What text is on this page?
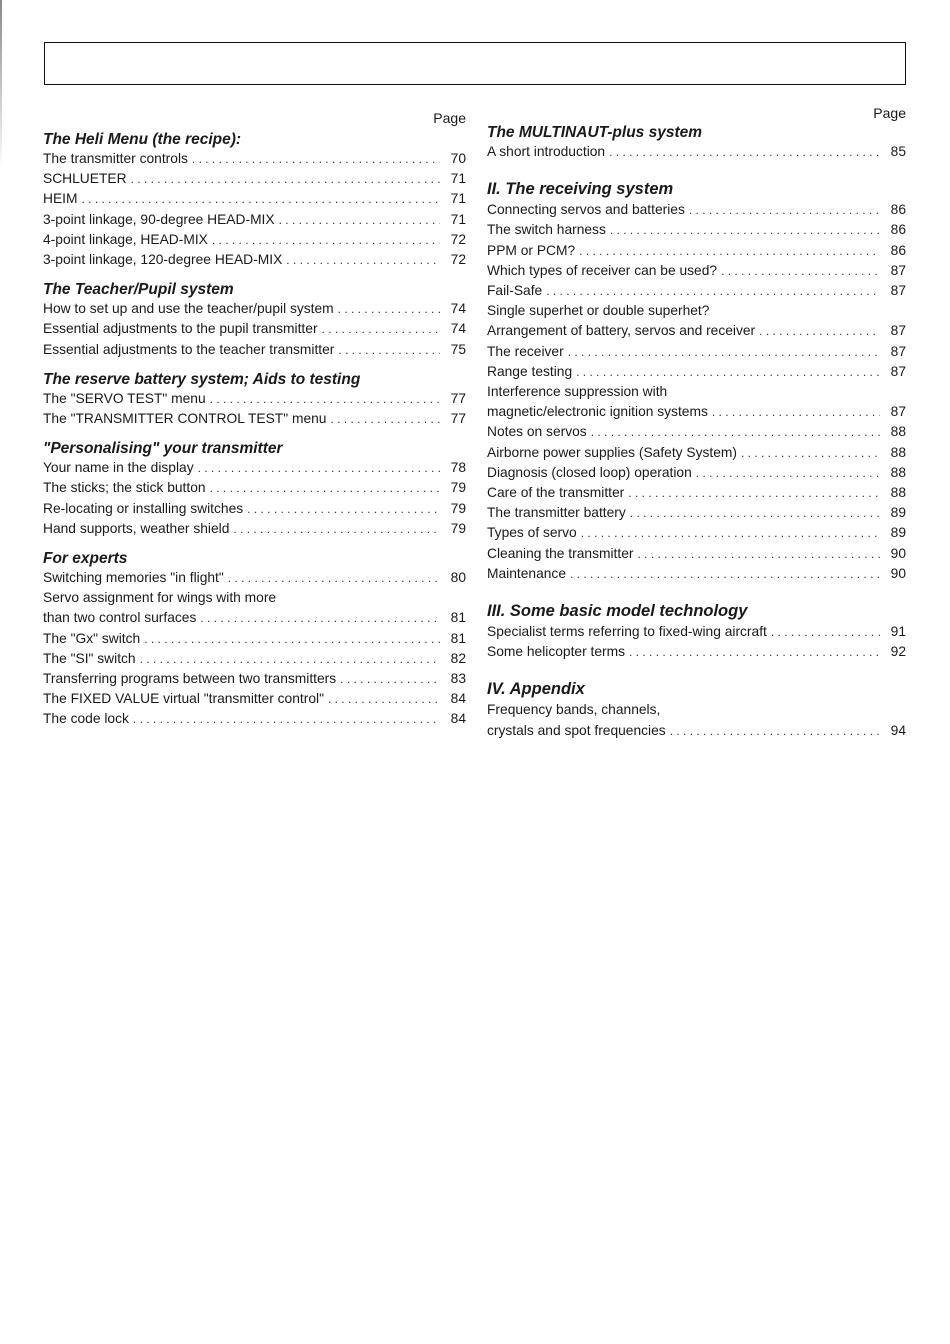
Page
The Heli Menu (the recipe):
The transmitter controls . . .	70
SCHLUETER . . .	71
HEIM . . .	71
3-point linkage, 90-degree HEAD-MIX . . .	71
4-point linkage, HEAD-MIX . . .	72
3-point linkage, 120-degree HEAD-MIX . . .	72
The Teacher/Pupil system
How to set up and use the teacher/pupil system . . .	74
Essential adjustments to the pupil transmitter . . .	74
Essential adjustments to the teacher transmitter . . .	75
The reserve battery system; Aids to testing
The "SERVO TEST" menu . . .	77
The "TRANSMITTER CONTROL TEST" menu . . .	77
"Personalising" your transmitter
Your name in the display . . .	78
The sticks; the stick button . . .	79
Re-locating or installing switches . . .	79
Hand supports, weather shield . . .	79
For experts
Switching memories "in flight" . . .	80
Servo assignment for wings with more
than two control surfaces . . .	81
The "Gx" switch . . .	81
The "SI" switch . . .	82
Transferring programs between two transmitters . . .	83
The FIXED VALUE virtual "transmitter control" . . .	84
The code lock . . .	84
Page
The MULTINAUT-plus system
A short introduction . . .	85
II. The receiving system
Connecting servos and batteries . . .	86
The switch harness . . .	86
PPM or PCM? . . .	86
Which types of receiver can be used? . . .	87
Fail-Safe . . .	87
Single superhet or double superhet?
Arrangement of battery, servos and receiver . . .	87
The receiver . . .	87
Range testing . . .	87
Interference suppression with
magnetic/electronic ignition systems . . .	87
Notes on servos . . .	88
Airborne power supplies (Safety System) . . .	88
Diagnosis (closed loop) operation . . .	88
Care of the transmitter . . .	88
The transmitter battery . . .	89
Types of servo . . .	89
Cleaning the transmitter . . .	90
Maintenance . . .	90
III. Some basic model technology
Specialist terms referring to fixed-wing aircraft . . .	91
Some helicopter terms . . .	92
IV. Appendix
Frequency bands, channels,
crystals and spot frequencies . . .	94
